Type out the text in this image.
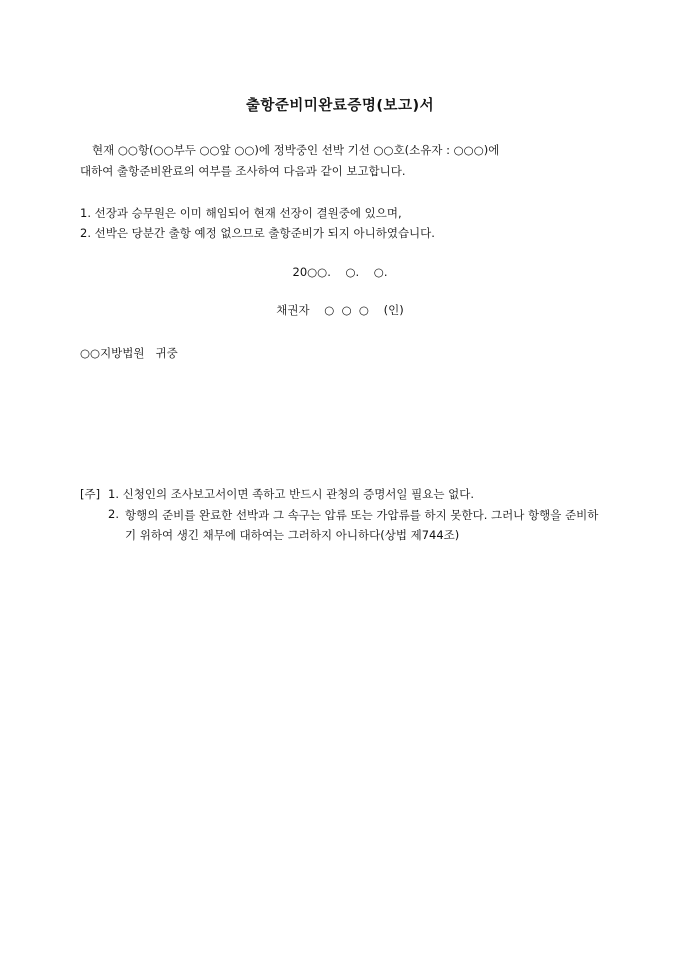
출항준비미완료증명(보고)서
현재 ○○항(○○부두 ○○앞 ○○)에 정박중인 선박 기선 ○○호(소유자 : ○○○)에
대하여 출항준비완료의 여부를 조사하여 다음과 같이 보고합니다.
1. 선장과 승무원은 이미 해임되어 현재 선장이 결원중에 있으며,
2. 선박은 당분간 출항 예정 없으므로 출항준비가 되지 아니하였습니다.
20○○.    ○.    ○.
채권자    ○  ○  ○    (인)
○○지방법원   귀중
[주] 1. 신청인의 조사보고서이면 족하고 반드시 관청의 증명서일 필요는 없다.
2. 항행의 준비를 완료한 선박과 그 속구는 압류 또는 가압류를 하지 못한다. 그러나 항행을 준비하기 위하여 생긴 채무에 대하여는 그러하지 아니하다(상법 제744조)
